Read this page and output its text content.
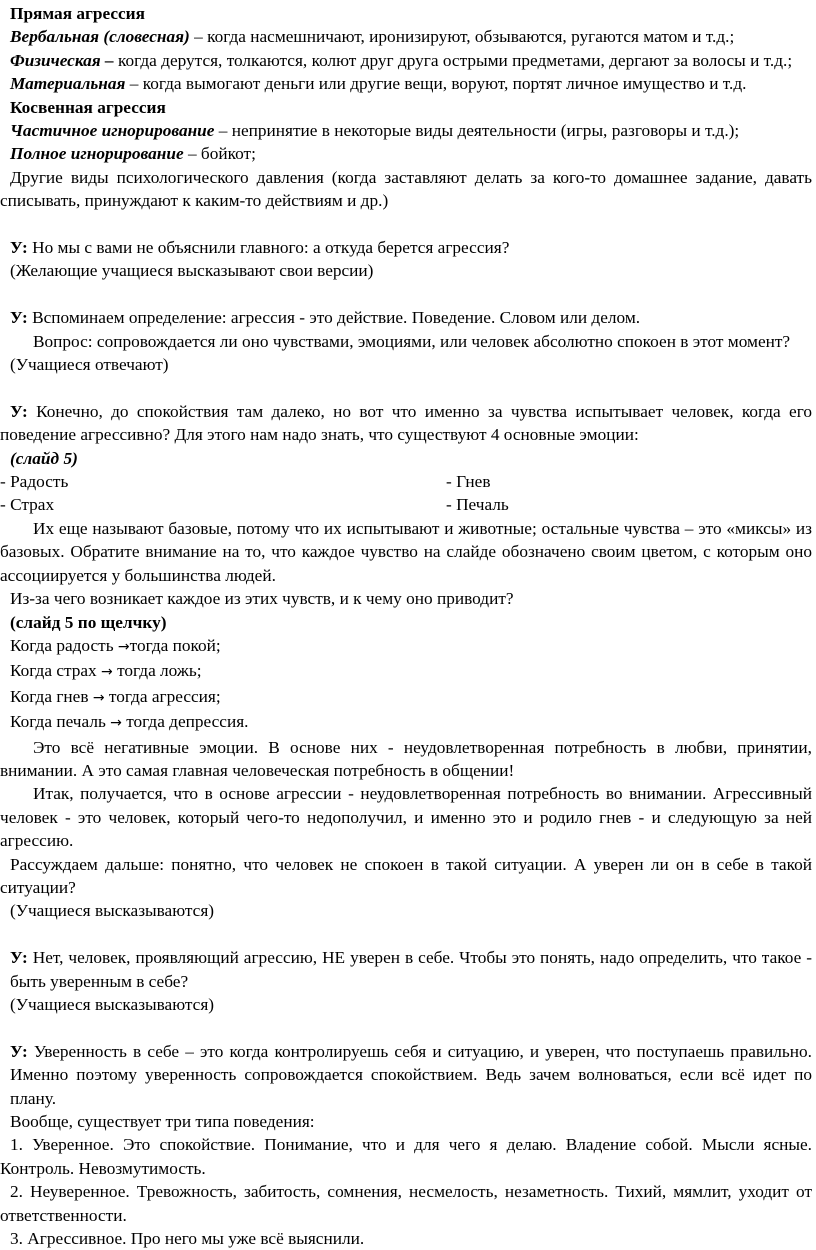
Прямая агрессия

Вербальная (словесная) – когда насмешничают, иронизируют, обзываются, ругаются матом и т.д.;

Физическая – когда дерутся, толкаются, колют друг друга острыми предметами, дергают за волосы и т.д.;

Материальная – когда вымогают деньги или другие вещи, воруют, портят личное имущество и т.д.

Косвенная агрессия

Частичное игнорирование – непринятие в некоторые виды деятельности (игры, разговоры и т.д.);

Полное игнорирование – бойкот;

Другие виды психологического давления (когда заставляют делать за кого-то домашнее задание, давать списывать, принуждают к каким-то действиям и др.)

У: Но мы с вами не объяснили главного: а откуда берется агрессия?

(Желающие учащиеся высказывают свои версии)

У: Вспоминаем определение: агрессия - это действие. Поведение. Словом или делом.

Вопрос: сопровождается ли оно чувствами, эмоциями, или человек абсолютно спокоен в этот момент?

(Учащиеся отвечают)

У: Конечно, до спокойствия там далеко, но вот что именно за чувства испытывает человек, когда его поведение агрессивно? Для этого нам надо знать, что существуют 4 основные эмоции:

(слайд 5)

- Радость	- Гнев
- Страх	- Печаль

Их еще называют базовые, потому что их испытывают и животные; остальные чувства – это «миксы» из базовых. Обратите внимание на то, что каждое чувство на слайде обозначено своим цветом, с которым оно ассоциируется у большинства людей.

Из-за чего возникает каждое из этих чувств, и к чему оно приводит?

(слайд 5 по щелчку)

Когда радость →тогда покой;

Когда страх → тогда ложь;

Когда гнев → тогда агрессия;

Когда печаль → тогда депрессия.

Это всё негативные эмоции. В основе них - неудовлетворенная потребность в любви, принятии, внимании. А это самая главная человеческая потребность в общении!

Итак, получается, что в основе агрессии - неудовлетворенная потребность во внимании. Агрессивный человек - это человек, который чего-то недополучил, и именно это и родило гнев - и следующую за ней агрессию.

Рассуждаем дальше: понятно, что человек не спокоен в такой ситуации. А уверен ли он в себе в такой ситуации?

(Учащиеся высказываются)

У: Нет, человек, проявляющий агрессию, НЕ уверен в себе. Чтобы это понять, надо определить, что такое - быть уверенным в себе?

(Учащиеся высказываются)

У: Уверенность в себе – это когда контролируешь себя и ситуацию, и уверен, что поступаешь правильно. Именно поэтому уверенность сопровождается спокойствием. Ведь зачем волноваться, если всё идет по плану.

Вообще, существует три типа поведения:

1. Уверенное. Это спокойствие. Понимание, что и для чего я делаю. Владение собой. Мысли ясные. Контроль. Невозмутимость.

2. Неуверенное. Тревожность, забитость, сомнения, несмелость, незаметность. Тихий, мямлит, уходит от ответственности.

3. Агрессивное. Про него мы уже всё выяснили.
